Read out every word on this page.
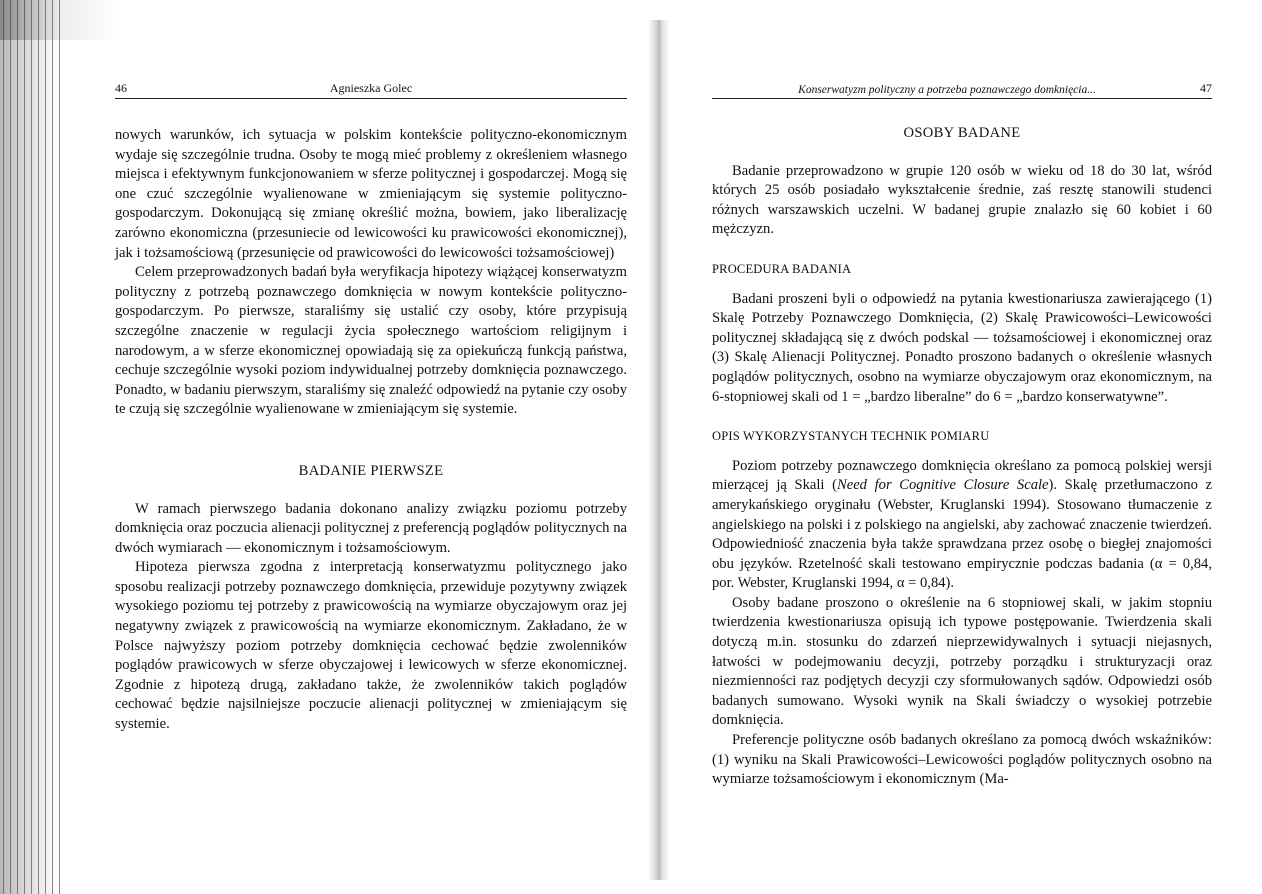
46	Agnieszka Golec

nowych warunków, ich sytuacja w polskim kontekście polityczno-ekonomicznym wydaje się szczególnie trudna. Osoby te mogą mieć problemy z określeniem własnego miejsca i efektywnym funkcjonowaniem w sferze politycznej i gospodarczej. Mogą się one czuć szczególnie wyalienowane w zmieniającym się systemie polityczno-gospodarczym. Dokonującą się zmianę określić można, bowiem, jako liberalizację zarówno ekonomiczna (przesuniecie od lewicowości ku prawicowości ekonomicznej), jak i tożsamościową (przesunięcie od prawicowości do lewicowości tożsamościowej)

Celem przeprowadzonych badań była weryfikacja hipotezy wiążącej konserwatyzm polityczny z potrzebą poznawczego domknięcia w nowym kontekście polityczno-gospodarczym. Po pierwsze, staraliśmy się ustalić czy osoby, które przypisują szczególne znaczenie w regulacji życia społecznego wartościom religijnym i narodowym, a w sferze ekonomicznej opowiadają się za opiekuńczą funkcją państwa, cechuje szczególnie wysoki poziom indywidualnej potrzeby domknięcia poznawczego. Ponadto, w badaniu pierwszym, staraliśmy się znaleźć odpowiedź na pytanie czy osoby te czują się szczególnie wyalienowane w zmieniającym się systemie.

BADANIE PIERWSZE

W ramach pierwszego badania dokonano analizy związku poziomu potrzeby domknięcia oraz poczucia alienacji politycznej z preferencją poglądów politycznych na dwóch wymiarach — ekonomicznym i tożsamościowym.

Hipoteza pierwsza zgodna z interpretacją konserwatyzmu politycznego jako sposobu realizacji potrzeby poznawczego domknięcia, przewiduje pozytywny związek wysokiego poziomu tej potrzeby z prawicowością na wymiarze obyczajowym oraz jej negatywny związek z prawicowością na wymiarze ekonomicznym. Zakładano, że w Polsce najwyższy poziom potrzeby domknięcia cechować będzie zwolenników poglądów prawicowych w sferze obyczajowej i lewicowych w sferze ekonomicznej. Zgodnie z hipotezą drugą, zakładano także, że zwolenników takich poglądów cechować będzie najsilniejsze poczucie alienacji politycznej w zmieniającym się systemie.

Konserwatyzm polityczny a potrzeba poznawczego domknięcia...	47
OSOBY BADANE

Badanie przeprowadzono w grupie 120 osób w wieku od 18 do 30 lat, wśród których 25 osób posiadało wykształcenie średnie, zaś resztę stanowili studenci różnych warszawskich uczelni. W badanej grupie znalazło się 60 kobiet i 60 mężczyzn.

PROCEDURA BADANIA

Badani proszeni byli o odpowiedź na pytania kwestionariusza zawierającego (1) Skalę Potrzeby Poznawczego Domknięcia, (2) Skalę Prawicowości–Lewicowości politycznej składającą się z dwóch podskal — tożsamościowej i ekonomicznej oraz (3) Skalę Alienacji Politycznej. Ponadto proszono badanych o określenie własnych poglądów politycznych, osobno na wymiarze obyczajowym oraz ekonomicznym, na 6-stopniowej skali od 1 = „bardzo liberalne” do 6 = „bardzo konserwatywne”.

OPIS WYKORZYSTANYCH TECHNIK POMIARU

Poziom potrzeby poznawczego domknięcia określano za pomocą polskiej wersji mierzącej ją Skali (Need for Cognitive Closure Scale). Skalę przetłumaczono z amerykańskiego oryginału (Webster, Kruglanski 1994). Stosowano tłumaczenie z angielskiego na polski i z polskiego na angielski, aby zachować znaczenie twierdzeń. Odpowiedniość znaczenia była także sprawdzana przez osobę o biegłej znajomości obu języków. Rzetelność skali testowano empirycznie podczas badania (α = 0,84, por. Webster, Kruglanski 1994, α = 0,84).

Osoby badane proszono o określenie na 6 stopniowej skali, w jakim stopniu twierdzenia kwestionariusza opisują ich typowe postępowanie. Twierdzenia skali dotyczą m.in. stosunku do zdarzeń nieprzewidywalnych i sytuacji niejasnych, łatwości w podejmowaniu decyzji, potrzeby porządku i strukturyzacji oraz niezmienności raz podjętych decyzji czy sformułowanych sądów. Odpowiedzi osób badanych sumowano. Wysoki wynik na Skali świadczy o wysokiej potrzebie domknięcia.

Preferencje polityczne osób badanych określano za pomocą dwóch wskaźników: (1) wyniku na Skali Prawicowości–Lewicowości poglądów politycznych osobno na wymiarze tożsamościowym i ekonomicznym (Ma-
